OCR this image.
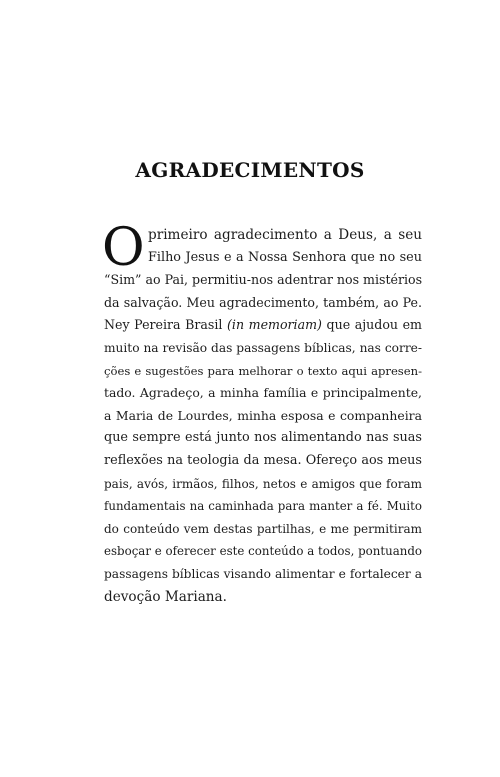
AGRADECIMENTOS
O primeiro agradecimento a Deus, a seu
Filho Jesus e a Nossa Senhora que no seu
“Sim” ao Pai, permitiu-nos adentrar nos mistérios
da salvação. Meu agradecimento, também, ao Pe.
Ney Pereira Brasil (in memoriam) que ajudou em
muito na revisão das passagens bíblicas, nas corre-
ções e sugestões para melhorar o texto aqui apresen-
tado. Agradeço, a minha família e principalmente,
a Maria de Lourdes, minha esposa e companheira
que sempre está junto nos alimentando nas suas
reflexões na teologia da mesa. Ofereço aos meus
pais, avós, irmãos, filhos, netos e amigos que foram
fundamentais na caminhada para manter a fé. Muito
do conteúdo vem destas partilhas, e me permitiram
esboçar e oferecer este conteúdo a todos, pontuando
passagens bíblicas visando alimentar e fortalecer a
devoção Mariana.
